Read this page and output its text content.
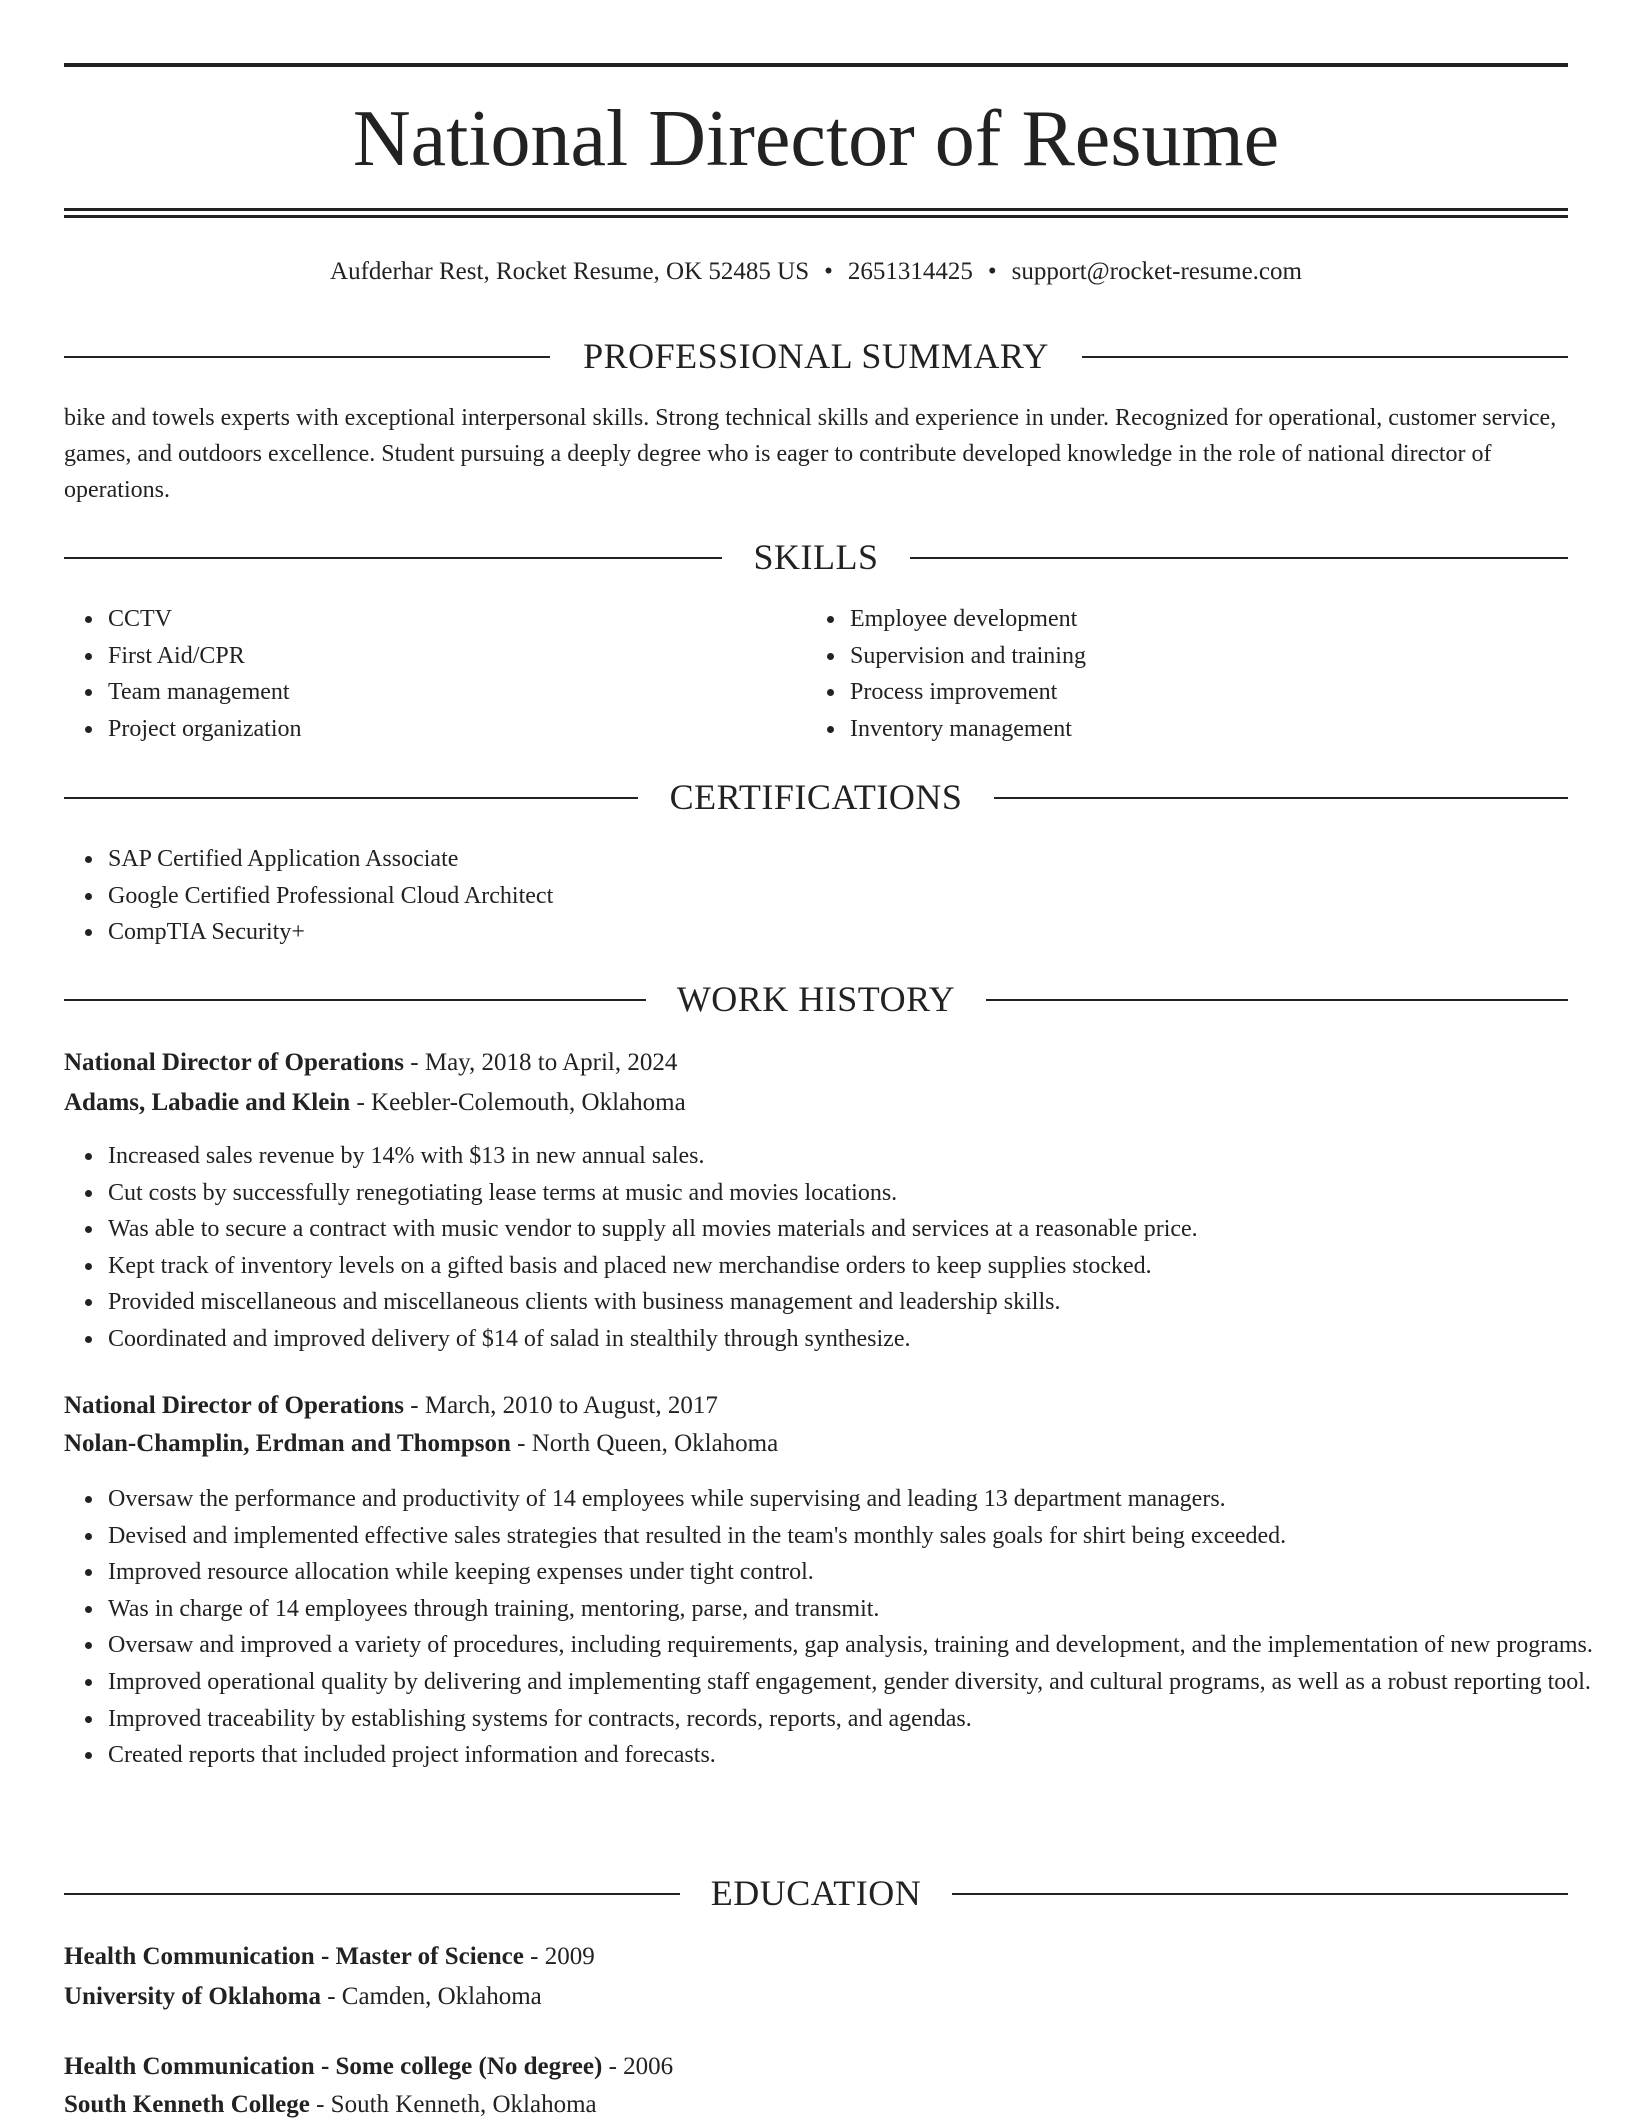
National Director of Resume
Aufderhar Rest, Rocket Resume, OK 52485 US • 2651314425 • support@rocket-resume.com
PROFESSIONAL SUMMARY

bike and towels experts with exceptional interpersonal skills. Strong technical skills and experience in under. Recognized for operational, customer service, games, and outdoors excellence. Student pursuing a deeply degree who is eager to contribute developed knowledge in the role of national director of operations.

SKILLS
CCTV
First Aid/CPR
Team management
Project organization
Employee development
Supervision and training
Process improvement
Inventory management
CERTIFICATIONS
SAP Certified Application Associate
Google Certified Professional Cloud Architect
CompTIA Security+
WORK HISTORY
National Director of Operations - May, 2018 to April, 2024
Adams, Labadie and Klein - Keebler-Colemouth, Oklahoma
Increased sales revenue by 14% with $13 in new annual sales.
Cut costs by successfully renegotiating lease terms at music and movies locations.
Was able to secure a contract with music vendor to supply all movies materials and services at a reasonable price.
Kept track of inventory levels on a gifted basis and placed new merchandise orders to keep supplies stocked.
Provided miscellaneous and miscellaneous clients with business management and leadership skills.
Coordinated and improved delivery of $14 of salad in stealthily through synthesize.
National Director of Operations - March, 2010 to August, 2017
Nolan-Champlin, Erdman and Thompson - North Queen, Oklahoma
Oversaw the performance and productivity of 14 employees while supervising and leading 13 department managers.
Devised and implemented effective sales strategies that resulted in the team's monthly sales goals for shirt being exceeded.
Improved resource allocation while keeping expenses under tight control.
Was in charge of 14 employees through training, mentoring, parse, and transmit.
Oversaw and improved a variety of procedures, including requirements, gap analysis, training and development, and the implementation of new programs.
Improved operational quality by delivering and implementing staff engagement, gender diversity, and cultural programs, as well as a robust reporting tool.
Improved traceability by establishing systems for contracts, records, reports, and agendas.
Created reports that included project information and forecasts.
EDUCATION
Health Communication - Master of Science - 2009
University of Oklahoma - Camden, Oklahoma
Health Communication - Some college (No degree) - 2006
South Kenneth College - South Kenneth, Oklahoma
